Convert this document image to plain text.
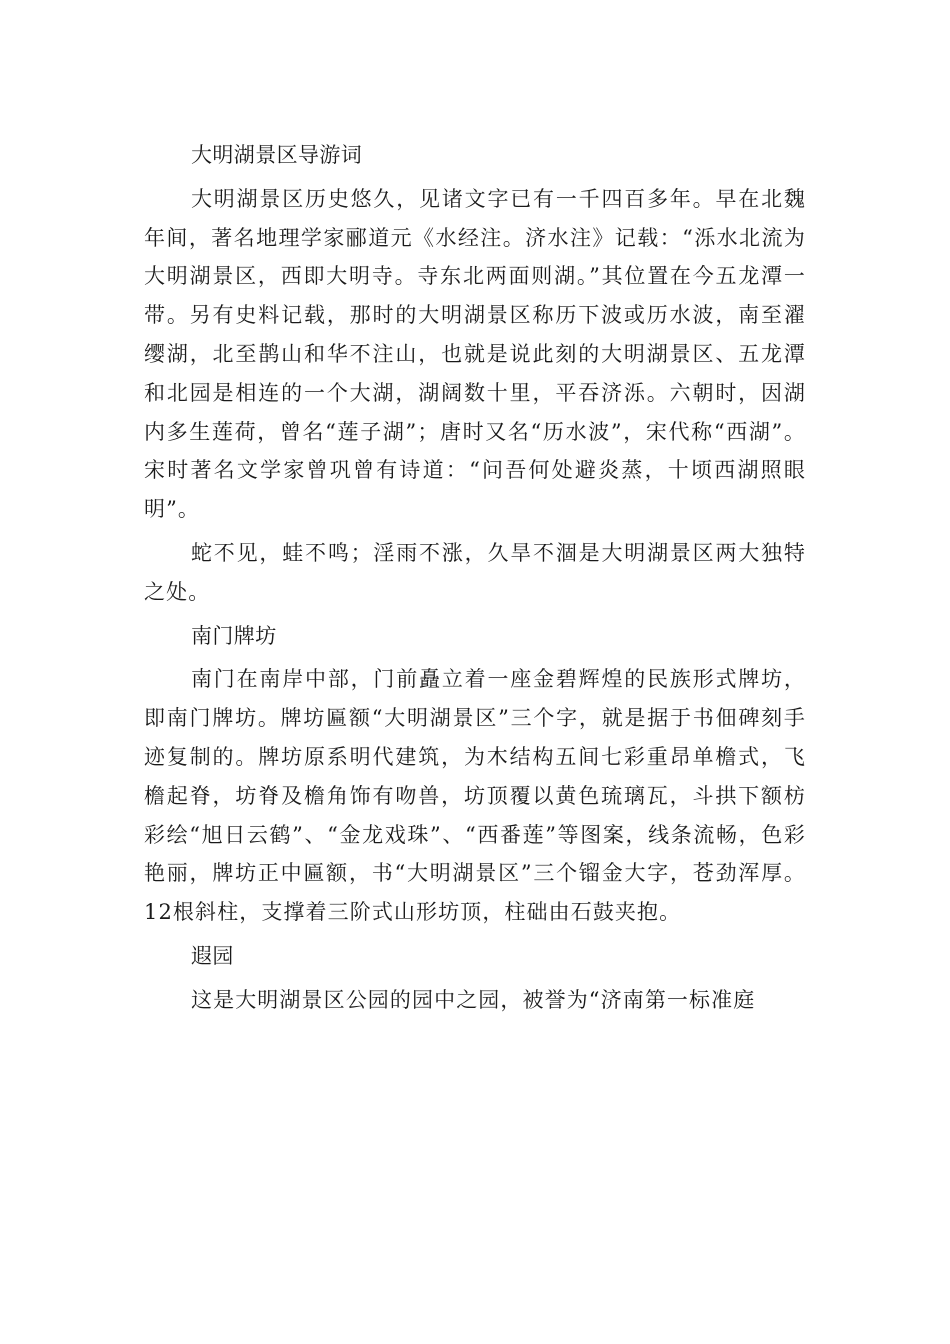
大明湖景区导游词

大明湖景区历史悠久，见诸文字已有一千四百多年。早在北魏年间，著名地理学家郦道元《水经注。济水注》记载：“泺水北流为大明湖景区，西即大明寺。寺东北两面则湖。”其位置在今五龙潭一带。另有史料记载，那时的大明湖景区称历下波或历水波，南至濯缨湖，北至鹊山和华不注山，也就是说此刻的大明湖景区、五龙潭和北园是相连的一个大湖，湖阔数十里，平吞济泺。六朝时，因湖内多生莲荷，曾名“莲子湖”；唐时又名“历水波”，宋代称“西湖”。宋时著名文学家曾巩曾有诗道：“问吾何处避炎蒸，十顷西湖照眼明”。

蛇不见，蛙不鸣；淫雨不涨，久旱不涸是大明湖景区两大独特之处。

南门牌坊

南门在南岸中部，门前矗立着一座金碧辉煌的民族形式牌坊，即南门牌坊。牌坊匾额“大明湖景区”三个字，就是据于书佃碑刻手迹复制的。牌坊原系明代建筑，为木结构五间七彩重昂单檐式，飞檐起脊，坊脊及檐角饰有吻兽，坊顶覆以黄色琉璃瓦，斗拱下额枋彩绘“旭日云鹤”、“金龙戏珠”、“西番莲”等图案，线条流畅，色彩艳丽，牌坊正中匾额，书“大明湖景区”三个镏金大字，苍劲浑厚。12根斜柱，支撑着三阶式山形坊顶，柱础由石鼓夹抱。

遐园

这是大明湖景区公园的园中之园，被誉为“济南第一标准庭
